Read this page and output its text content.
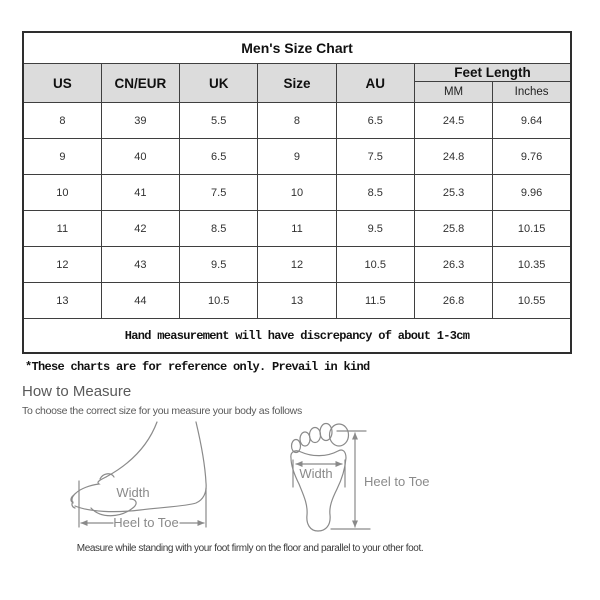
Men's Size Chart						
US	CN/EUR	UK	Size	AU	Feet Length	
					MM	Inches
8	39	5.5	8	6.5	24.5	9.64
9	40	6.5	9	7.5	24.8	9.76
10	41	7.5	10	8.5	25.3	9.96
11	42	8.5	11	9.5	25.8	10.15
12	43	9.5	12	10.5	26.3	10.35
13	44	10.5	13	11.5	26.8	10.55
Hand measurement will have discrepancy of about 1-3cm						
*These charts are for reference only. Prevail in kind
How to Measure
To choose the correct size for you measure your body as follows
Width
Heel to Toe
Width
Heel to Toe
Measure while standing with your foot firmly on the floor and parallel to your other foot.
